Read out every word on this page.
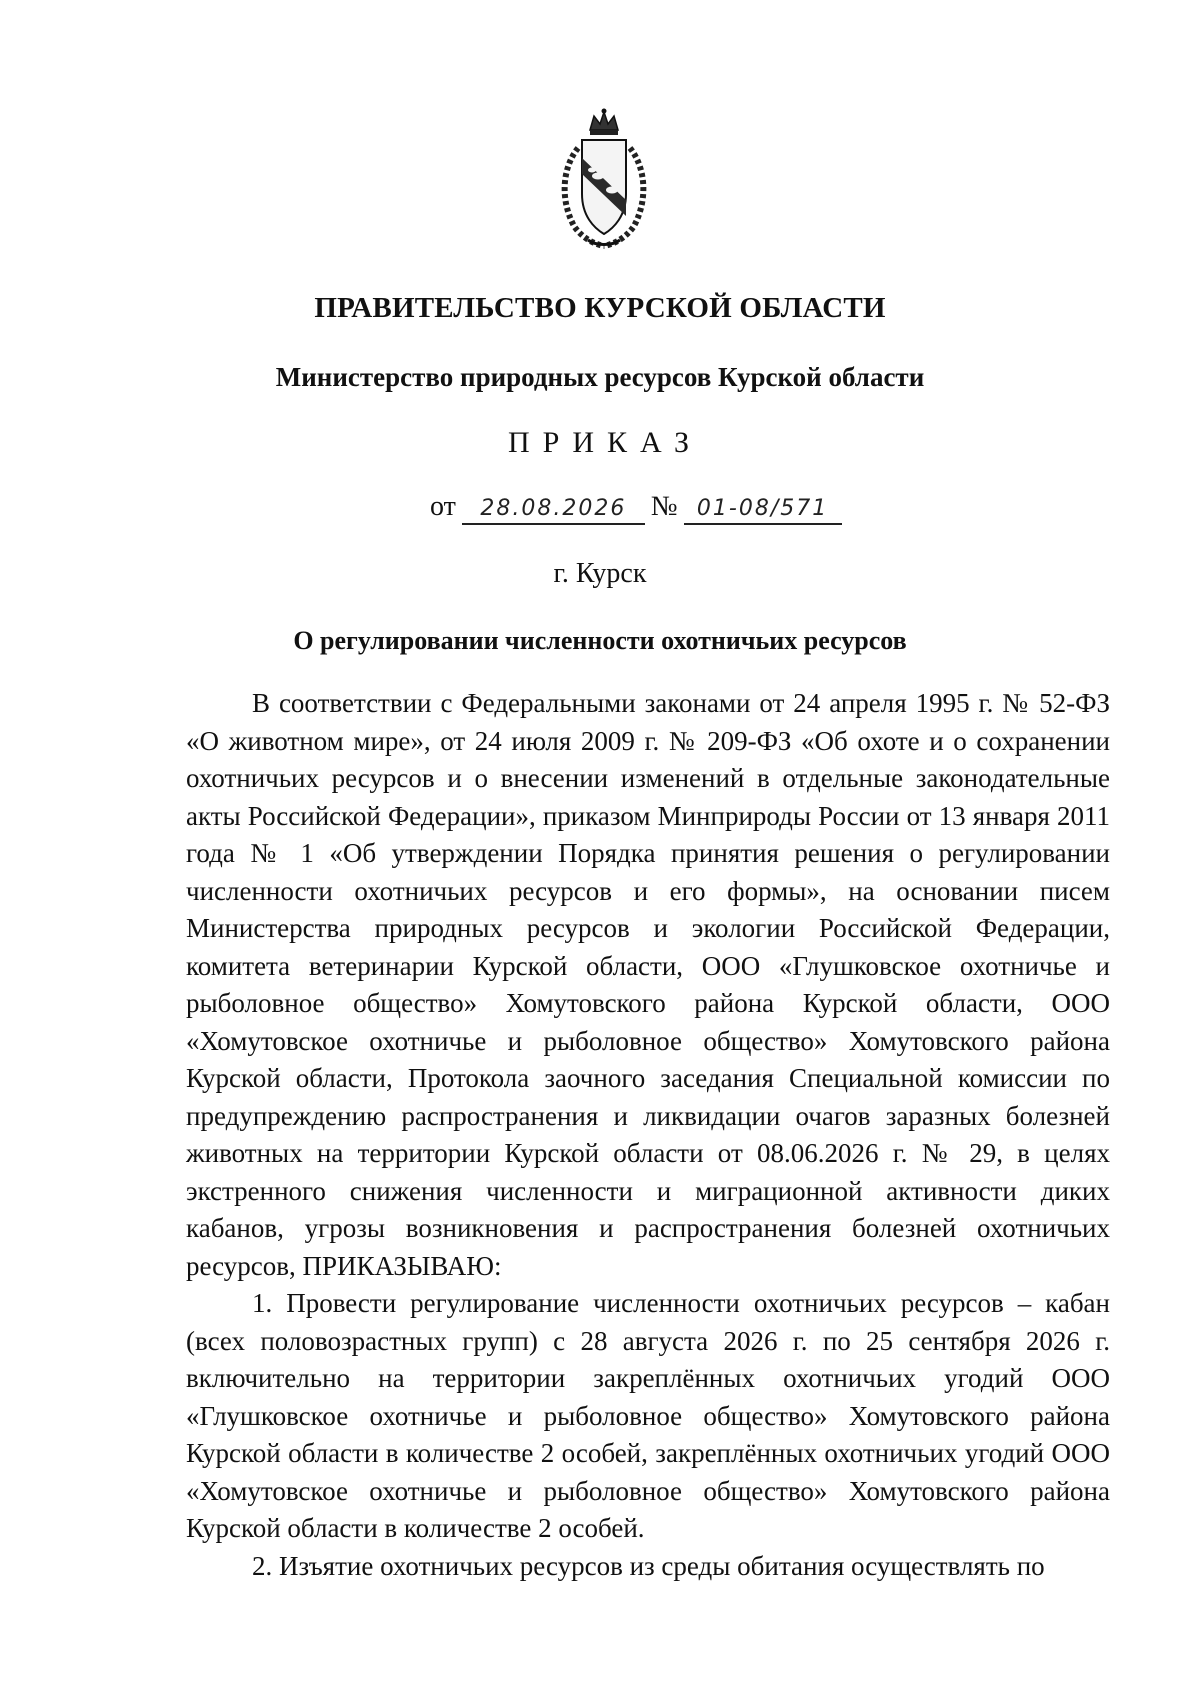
ПРАВИТЕЛЬСТВО КУРСКОЙ ОБЛАСТИ
Министерство природных ресурсов Курской области
ПРИКАЗ
от 28.08.2026 № 01-08/571
г. Курск
О регулировании численности охотничьих ресурсов

В соответствии с Федеральными законами от 24 апреля 1995 г. № 52-ФЗ «О животном мире», от 24 июля 2009 г. № 209-ФЗ «Об охоте и о сохранении охотничьих ресурсов и о внесении изменений в отдельные законодательные акты Российской Федерации», приказом Минприроды России от 13 января 2011 года № 1 «Об утверждении Порядка принятия решения о регулировании численности охотничьих ресурсов и его формы», на основании писем Министерства природных ресурсов и экологии Российской Федерации, комитета ветеринарии Курской области, ООО «Глушковское охотничье и рыболовное общество» Хомутовского района Курской области, ООО «Хомутовское охотничье и рыболовное общество» Хомутовского района Курской области, Протокола заочного заседания Специальной комиссии по предупреждению распространения и ликвидации очагов заразных болезней животных на территории Курской области от 08.06.2026 г. № 29, в целях экстренного снижения численности и миграционной активности диких кабанов, угрозы возникновения и распространения болезней охотничьих ресурсов, ПРИКАЗЫВАЮ:

1. Провести регулирование численности охотничьих ресурсов – кабан (всех половозрастных групп) с 28 августа 2026 г. по 25 сентября 2026 г. включительно на территории закреплённых охотничьих угодий ООО «Глушковское охотничье и рыболовное общество» Хомутовского района Курской области в количестве 2 особей, закреплённых охотничьих угодий ООО «Хомутовское охотничье и рыболовное общество» Хомутовского района Курской области в количестве 2 особей.

2. Изъятие охотничьих ресурсов из среды обитания осуществлять по
